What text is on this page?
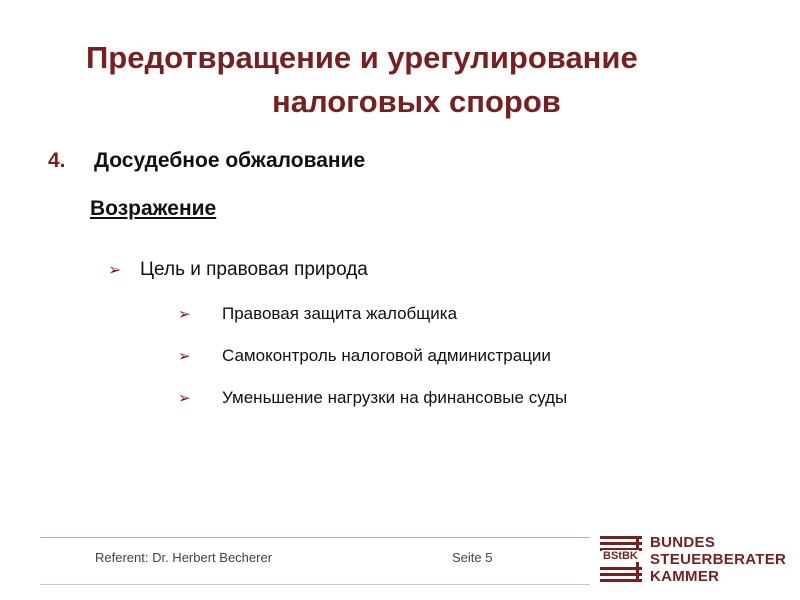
Предотвращение и урегулирование
налоговых споров
4. Досудебное обжалование
Возражение
➢ Цель и правовая природа
➢ Правовая защита жалобщика
➢ Самоконтроль налоговой администрации
➢ Уменьшение нагрузки на финансовые суды
Referent: Dr. Herbert Becherer	Seite 5	BStBK
BUNDES
STEUERBERATER
KAMMER
